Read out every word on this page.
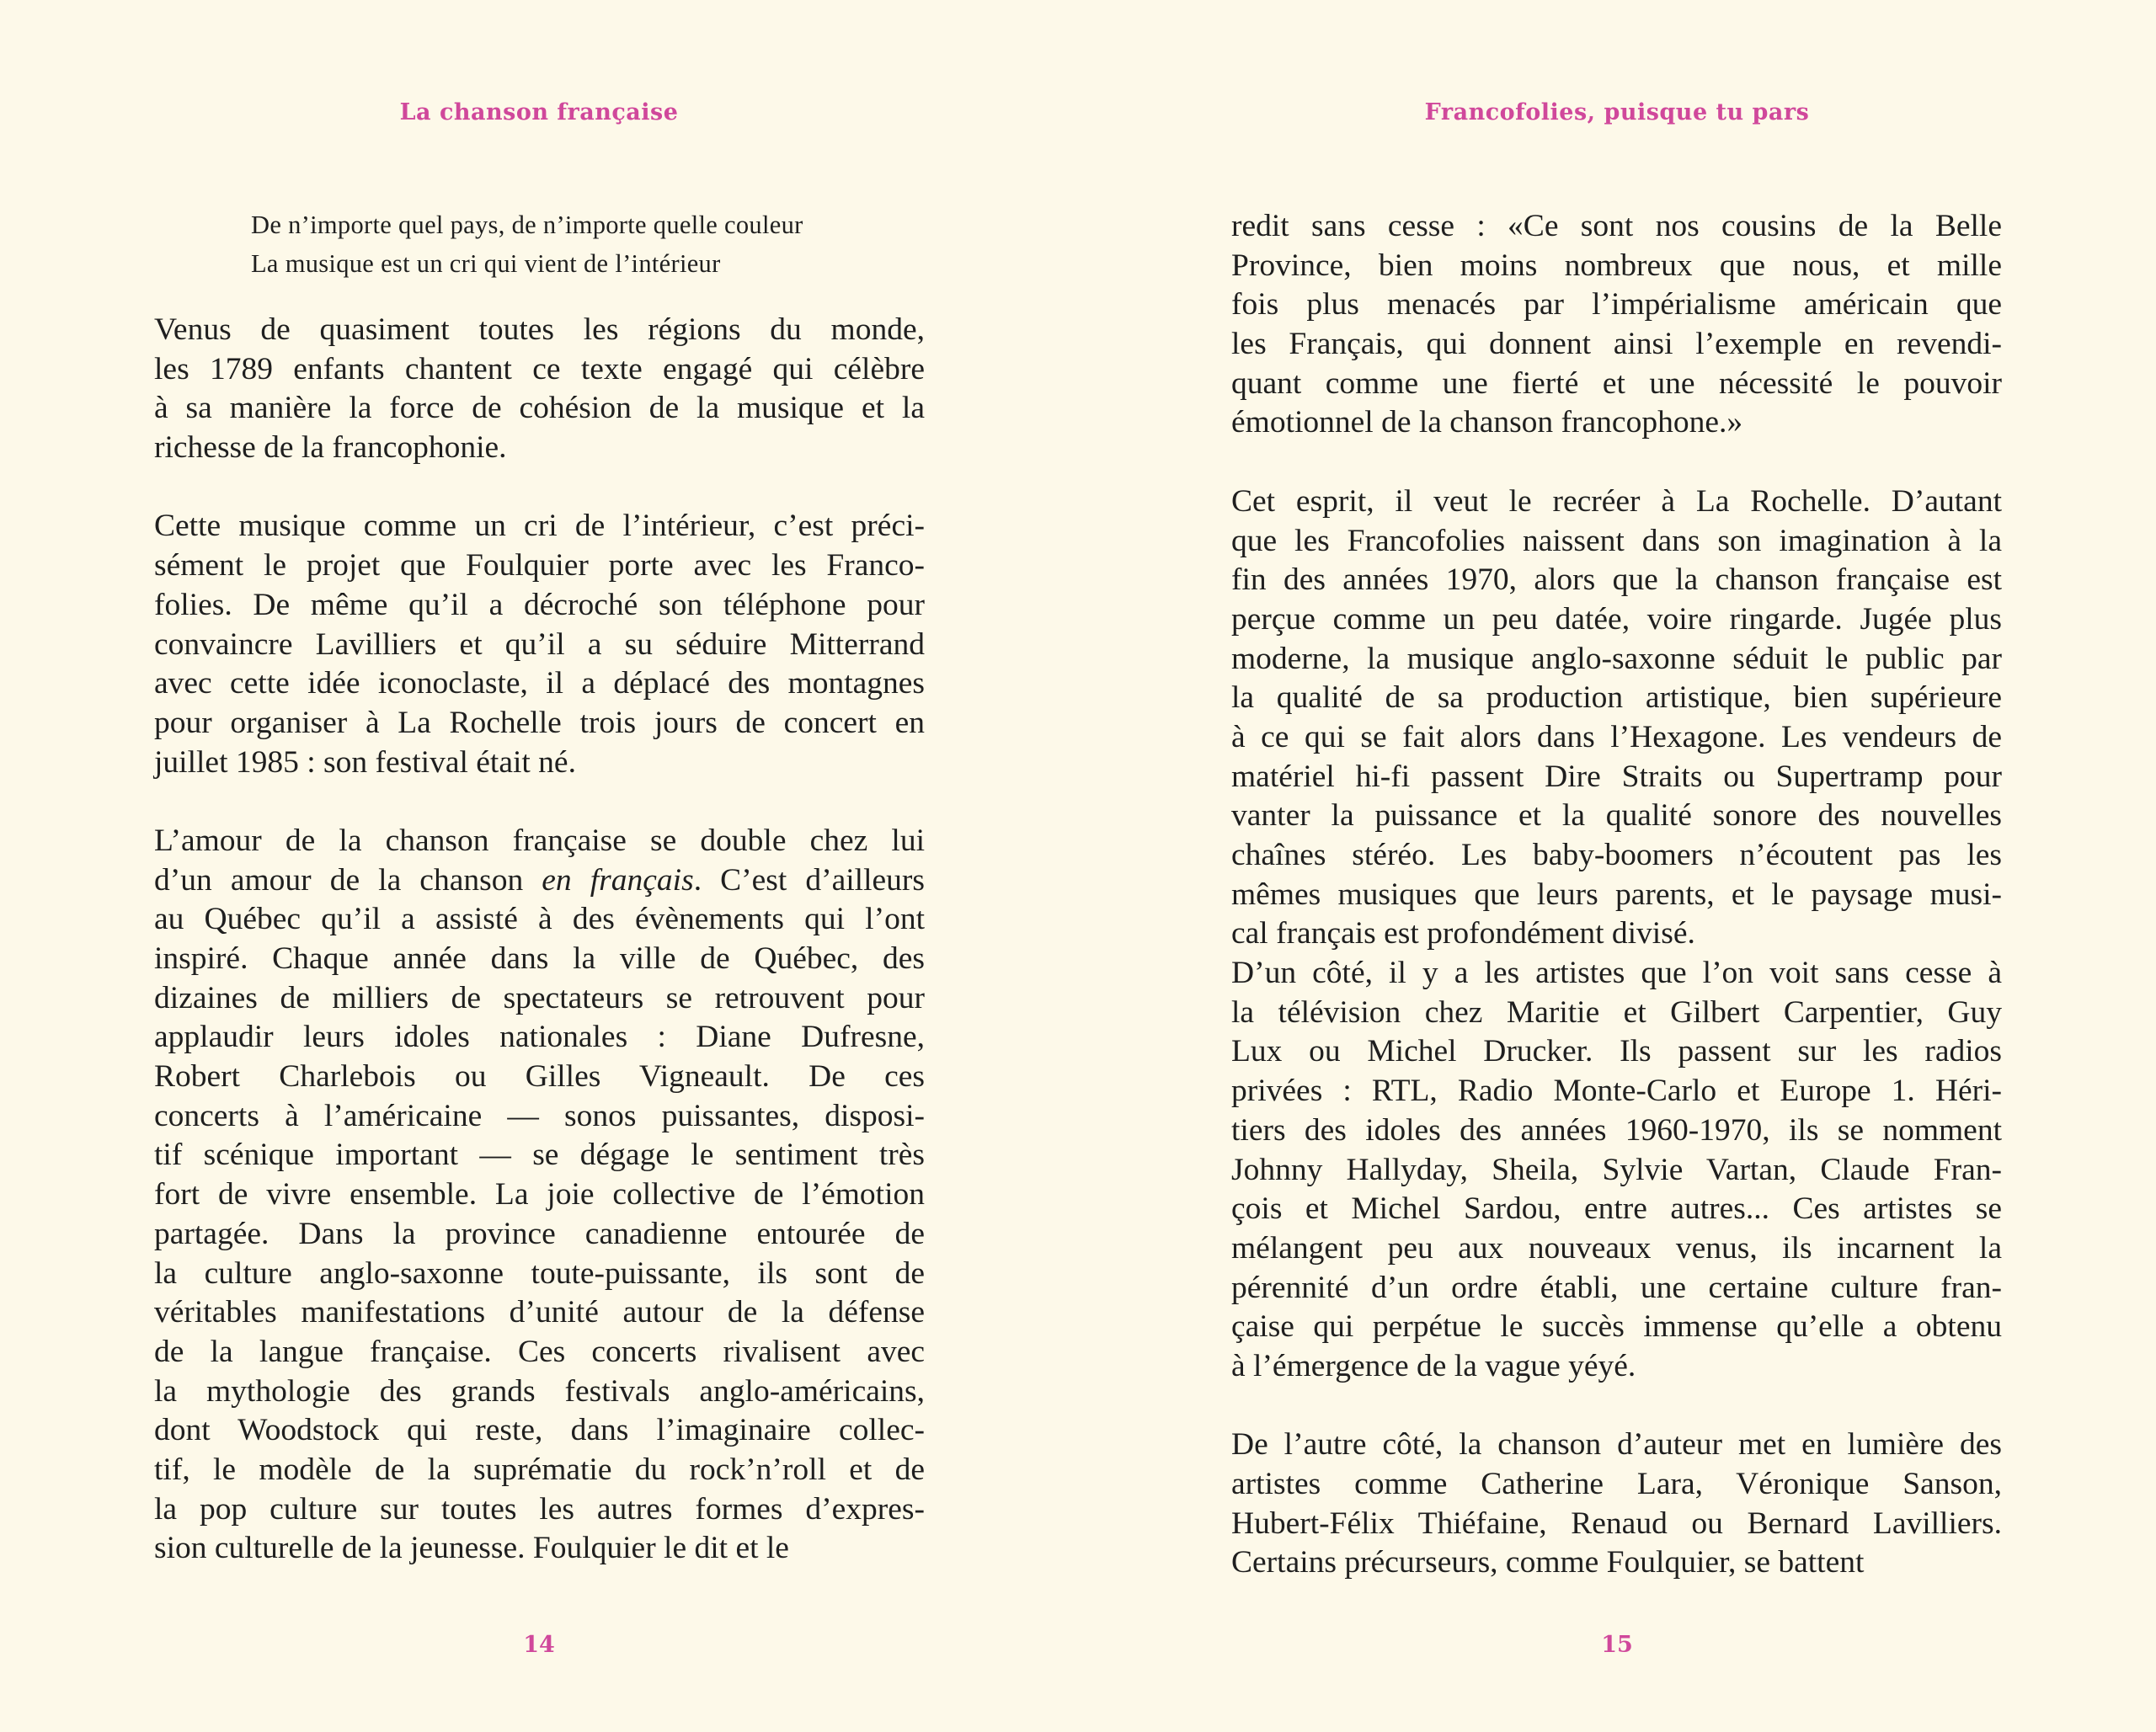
La chanson française
De n’importe quel pays, de n’importe quelle couleur
La musique est un cri qui vient de l’intérieur
Venus de quasiment toutes les régions du monde,
les 1789 enfants chantent ce texte engagé qui célèbre
à sa manière la force de cohésion de la musique et la
richesse de la francophonie.
Cette musique comme un cri de l’intérieur, c’est préci-
sément le projet que Foulquier porte avec les Franco-
folies. De même qu’il a décroché son téléphone pour
convaincre Lavilliers et qu’il a su séduire Mitterrand
avec cette idée iconoclaste, il a déplacé des montagnes
pour organiser à La Rochelle trois jours de concert en
juillet 1985 : son festival était né.
L’amour de la chanson française se double chez lui
d’un amour de la chanson en français. C’est d’ailleurs
au Québec qu’il a assisté à des évènements qui l’ont
inspiré. Chaque année dans la ville de Québec, des
dizaines de milliers de spectateurs se retrouvent pour
applaudir leurs idoles nationales : Diane Dufresne,
Robert Charlebois ou Gilles Vigneault. De ces
concerts à l’américaine — sonos puissantes, disposi-
tif scénique important — se dégage le sentiment très
fort de vivre ensemble. La joie collective de l’émotion
partagée. Dans la province canadienne entourée de
la culture anglo-saxonne toute-puissante, ils sont de
véritables manifestations d’unité autour de la défense
de la langue française. Ces concerts rivalisent avec
la mythologie des grands festivals anglo-américains,
dont Woodstock qui reste, dans l’imaginaire collec-
tif, le modèle de la suprématie du rock’n’roll et de
la pop culture sur toutes les autres formes d’expres-
sion culturelle de la jeunesse. Foulquier le dit et le
14
Francofolies, puisque tu pars
redit sans cesse : «Ce sont nos cousins de la Belle
Province, bien moins nombreux que nous, et mille
fois plus menacés par l’impérialisme américain que
les Français, qui donnent ainsi l’exemple en revendi-
quant comme une fierté et une nécessité le pouvoir
émotionnel de la chanson francophone.»
Cet esprit, il veut le recréer à La Rochelle. D’autant
que les Francofolies naissent dans son imagination à la
fin des années 1970, alors que la chanson française est
perçue comme un peu datée, voire ringarde. Jugée plus
moderne, la musique anglo-saxonne séduit le public par
la qualité de sa production artistique, bien supérieure
à ce qui se fait alors dans l’Hexagone. Les vendeurs de
matériel hi-fi passent Dire Straits ou Supertramp pour
vanter la puissance et la qualité sonore des nouvelles
chaînes stéréo. Les baby-boomers n’écoutent pas les
mêmes musiques que leurs parents, et le paysage musi-
cal français est profondément divisé.
D’un côté, il y a les artistes que l’on voit sans cesse à
la télévision chez Maritie et Gilbert Carpentier, Guy
Lux ou Michel Drucker. Ils passent sur les radios
privées : RTL, Radio Monte-Carlo et Europe 1. Héri-
tiers des idoles des années 1960-1970, ils se nomment
Johnny Hallyday, Sheila, Sylvie Vartan, Claude Fran-
çois et Michel Sardou, entre autres... Ces artistes se
mélangent peu aux nouveaux venus, ils incarnent la
pérennité d’un ordre établi, une certaine culture fran-
çaise qui perpétue le succès immense qu’elle a obtenu
à l’émergence de la vague yéyé.
De l’autre côté, la chanson d’auteur met en lumière des
artistes comme Catherine Lara, Véronique Sanson,
Hubert-Félix Thiéfaine, Renaud ou Bernard Lavilliers.
Certains précurseurs, comme Foulquier, se battent
15
